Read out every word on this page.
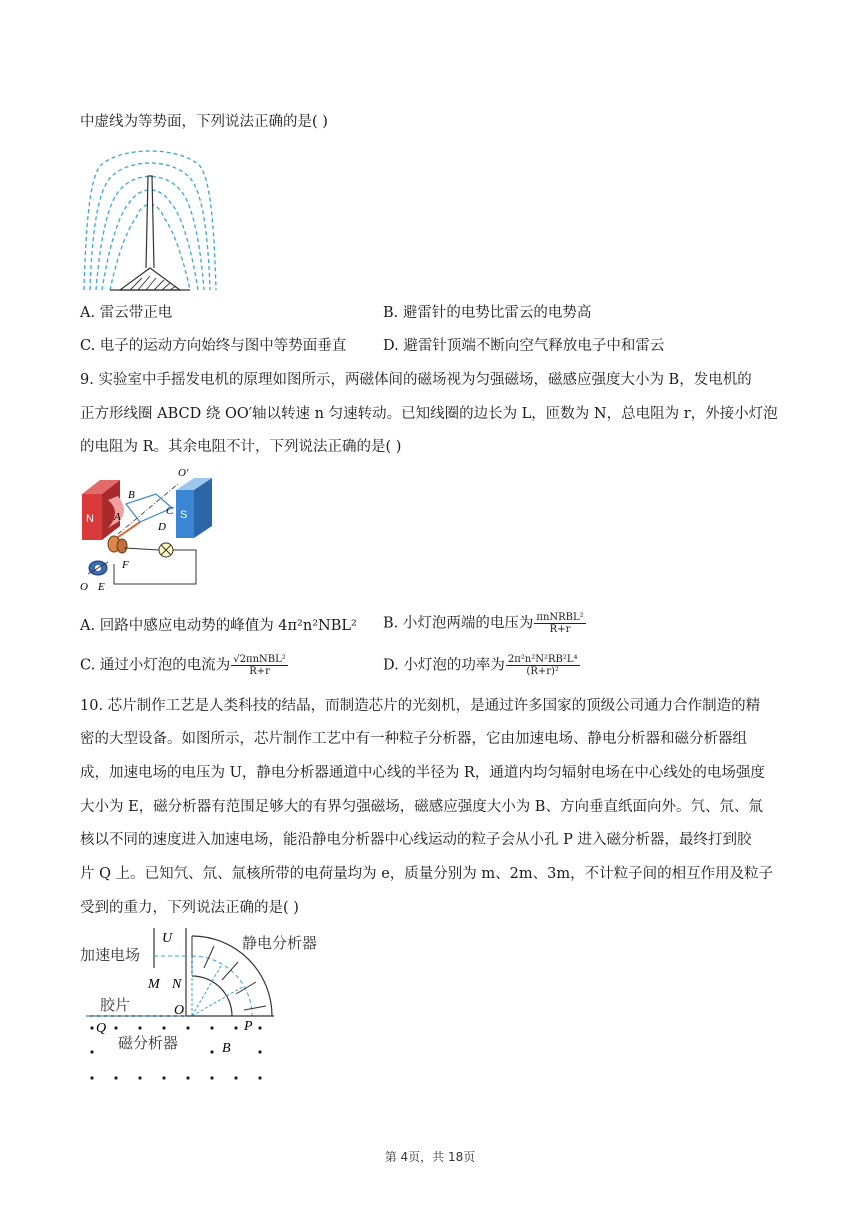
中虚线为等势面，下列说法正确的是( )
A. 雷云带正电	B. 避雷针的电势比雷云的电势高
C. 电子的运动方向始终与图中等势面垂直	D. 避雷针顶端不断向空气释放电子中和雷云
9. 实验室中手摇发电机的原理如图所示，两磁体间的磁场视为匀强磁场，磁感应强度大小为 B，发电机的
正方形线圈 ABCD 绕 OO′轴以转速 n 匀速转动。已知线圈的边长为 L，匝数为 N，总电阻为 r，外接小灯泡
的电阻为 R。其余电阻不计，下列说法正确的是( )
N	S
B
A	C
D
O′
F
E
O
A. 回路中感应电动势的峰值为 4π²n²NBL² B. 小灯泡两端的电压为 $\frac{\text{πnNRBL²}}{R+r}$
C. 通过小灯泡的电流为 $\frac{\text{√2πnNBL²}}{R+r}$	D. 小灯泡的功率为 $\frac{\text{2π²n²N²RB²L⁴}}{\text{(R+r)²}}$
10. 芯片制作工艺是人类科技的结晶，而制造芯片的光刻机，是通过许多国家的顶级公司通力合作制造的精
密的大型设备。如图所示，芯片制作工艺中有一种粒子分析器，它由加速电场、静电分析器和磁分析器组
成，加速电场的电压为 U，静电分析器通道中心线的半径为 R，通道内均匀辐射电场在中心线处的电场强度
大小为 E，磁分析器有范围足够大的有界匀强磁场，磁感应强度大小为 B、方向垂直纸面向外。氕、氘、氚
核以不同的速度进入加速电场，能沿静电分析器中心线运动的粒子会从小孔 P 进入磁分析器，最终打到胶
片 Q 上。已知氕、氘、氚核所带的电荷量均为 e，质量分别为 m、2m、3m，不计粒子间的相互作用及粒子
受到的重力，下列说法正确的是( )
加速电场
U
M N
静电分析器
O
胶片
Q	P
磁分析器	B
第 4页，共 18页
